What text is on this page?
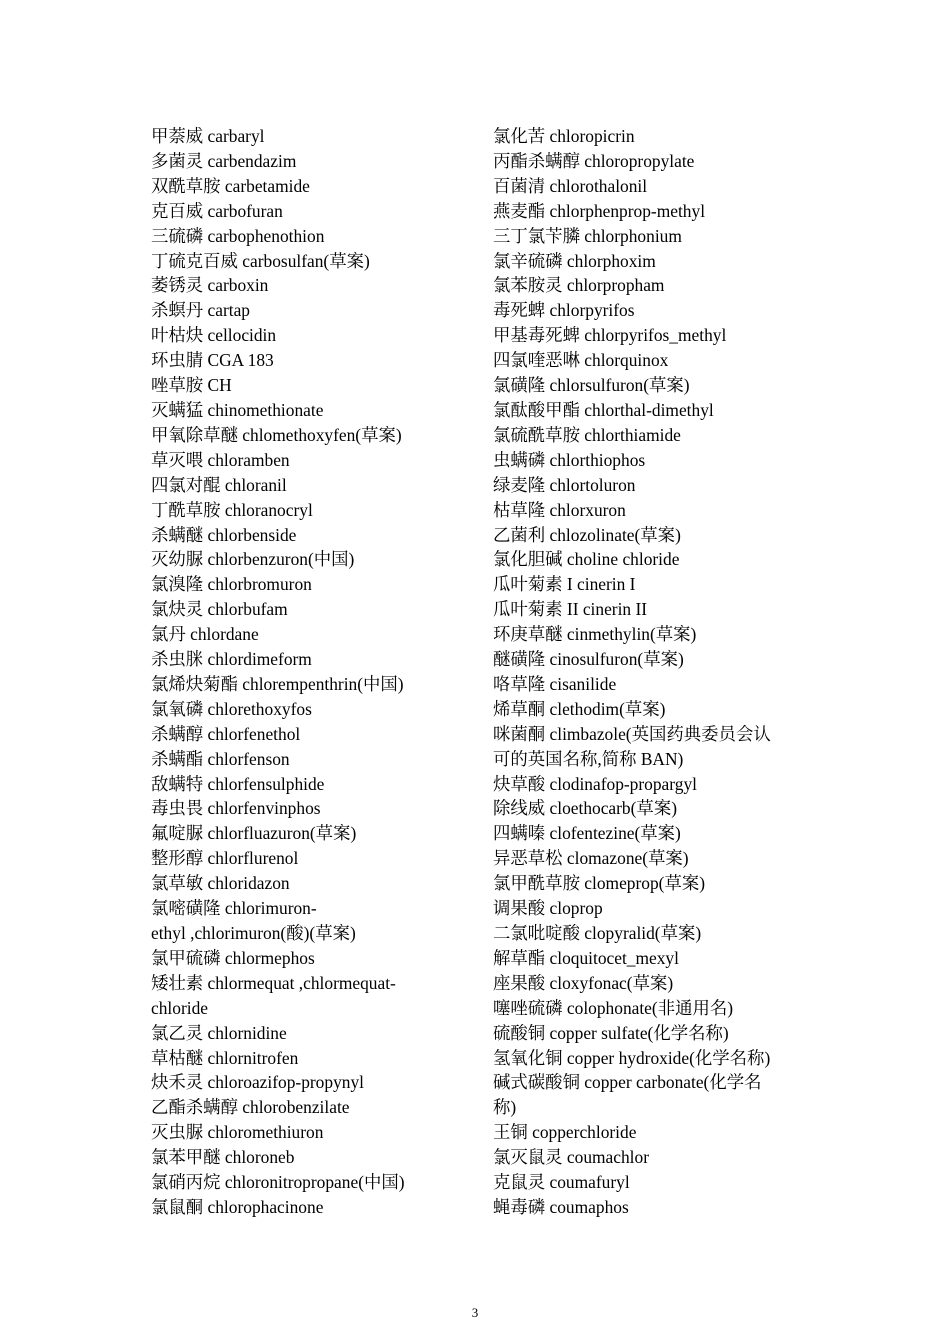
甲萘威 carbaryl
多菌灵 carbendazim
双酰草胺 carbetamide
克百威 carbofuran
三硫磷 carbophenothion
丁硫克百威 carbosulfan(草案)
萎锈灵 carboxin
杀螟丹 cartap
叶枯炔 cellocidin
环虫腈 CGA 183
唑草胺 CH
灭螨猛 chinomethionate
甲氧除草醚 chlomethoxyfen(草案)
草灭喂 chloramben
四氯对醌 chloranil
丁酰草胺 chloranocryl
杀螨醚 chlorbenside
灭幼脲 chlorbenzuron(中国)
氯溴隆 chlorbromuron
氯炔灵 chlorbufam
氯丹 chlordane
杀虫脒 chlordimeform
氯烯炔菊酯 chlorempenthrin(中国)
氯氧磷 chlorethoxyfos
杀螨醇 chlorfenethol
杀螨酯 chlorfenson
敌螨特 chlorfensulphide
毒虫畏 chlorfenvinphos
氟啶脲 chlorfluazuron(草案)
整形醇 chlorflurenol
氯草敏 chloridazon
氯嘧磺隆 chlorimuron-
ethyl ,chlorimuron(酸)(草案)
氯甲硫磷 chlormephos
矮壮素 chlormequat ,chlormequat-
chloride
氯乙灵 chlornidine
草枯醚 chlornitrofen
炔禾灵 chloroazifop-propynyl
乙酯杀螨醇 chlorobenzilate
灭虫脲 chloromethiuron
氯苯甲醚 chloroneb
氯硝丙烷 chloronitropropane(中国)
氯鼠酮 chlorophacinone
氯化苦 chloropicrin
丙酯杀螨醇 chloropropylate
百菌清 chlorothalonil
燕麦酯 chlorphenprop-methyl
三丁氯苄膦 chlorphonium
氯辛硫磷 chlorphoxim
氯苯胺灵 chlorpropham
毒死蜱 chlorpyrifos
甲基毒死蜱 chlorpyrifos_methyl
四氯喹恶啉 chlorquinox
氯磺隆 chlorsulfuron(草案)
氯酞酸甲酯 chlorthal-dimethyl
氯硫酰草胺 chlorthiamide
虫螨磷 chlorthiophos
绿麦隆 chlortoluron
枯草隆 chlorxuron
乙菌利 chlozolinate(草案)
氯化胆碱 choline chloride
瓜叶菊素 I cinerin I
瓜叶菊素 II cinerin II
环庚草醚 cinmethylin(草案)
醚磺隆 cinosulfuron(草案)
咯草隆 cisanilide
烯草酮 clethodim(草案)
咪菌酮 climbazole(英国药典委员会认
可的英国名称,简称 BAN)
炔草酸 clodinafop-propargyl
除线威 cloethocarb(草案)
四螨嗪 clofentezine(草案)
异恶草松 clomazone(草案)
氯甲酰草胺 clomeprop(草案)
调果酸 cloprop
二氯吡啶酸 clopyralid(草案)
解草酯 cloquitocet_mexyl
座果酸 cloxyfonac(草案)
噻唑硫磷 colophonate(非通用名)
硫酸铜 copper sulfate(化学名称)
氢氧化铜 copper hydroxide(化学名称)
碱式碳酸铜 copper carbonate(化学名
称)
王铜 copperchloride
氯灭鼠灵 coumachlor
克鼠灵 coumafuryl
蝇毒磷 coumaphos
3
